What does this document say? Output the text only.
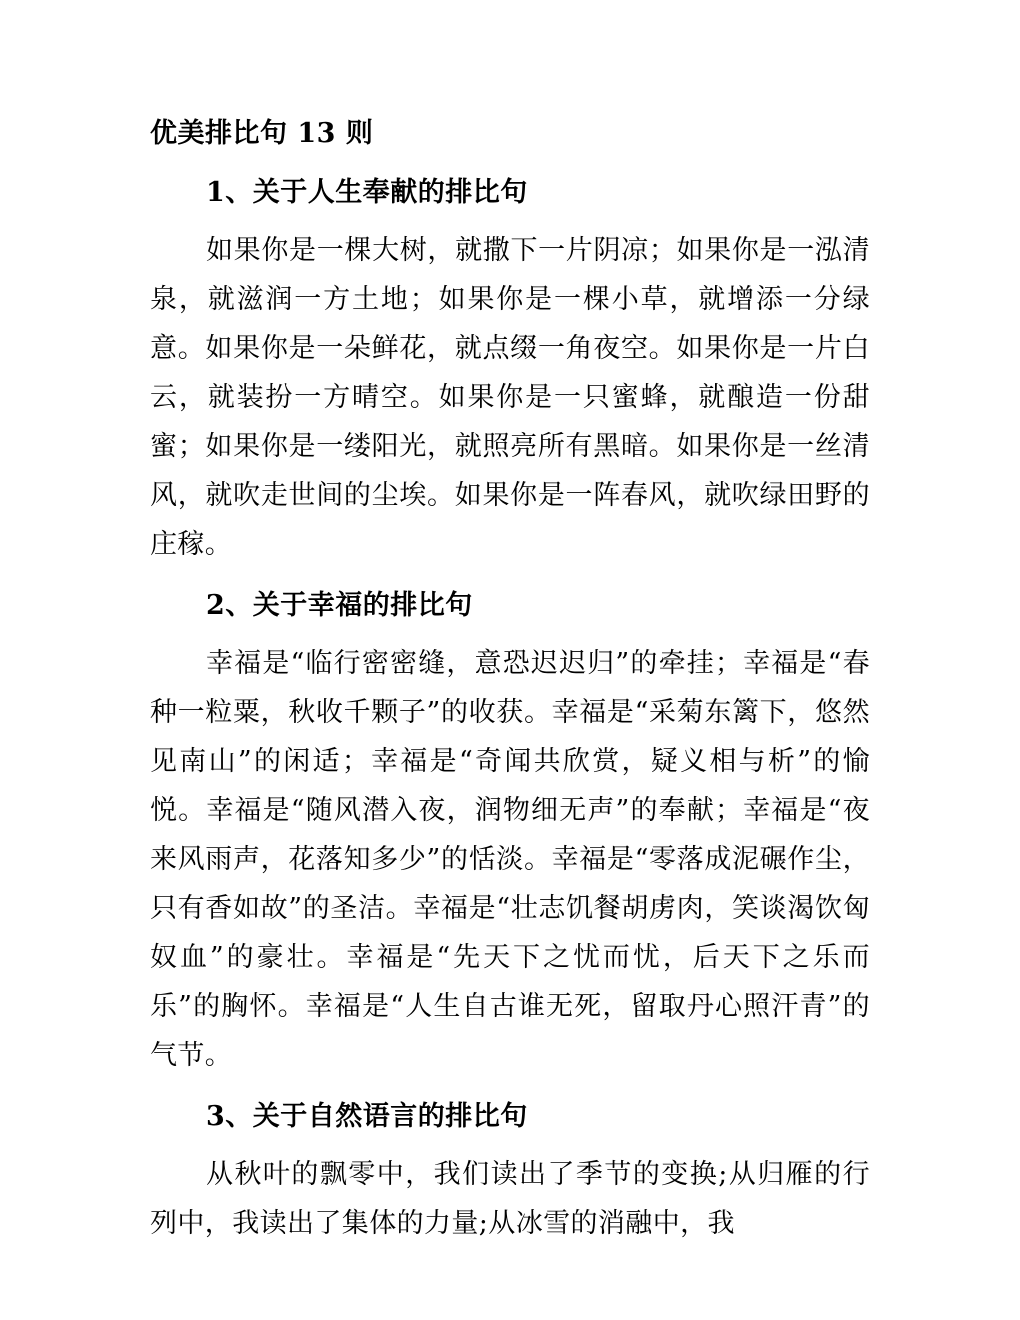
优美排比句 13 则
1、关于人生奉献的排比句

如果你是一棵大树，就撒下一片阴凉；如果你是一泓清泉，就滋润一方土地；如果你是一棵小草，就增添一分绿意。如果你是一朵鲜花，就点缀一角夜空。如果你是一片白云，就装扮一方晴空。如果你是一只蜜蜂，就酿造一份甜蜜；如果你是一缕阳光，就照亮所有黑暗。如果你是一丝清风，就吹走世间的尘埃。如果你是一阵春风，就吹绿田野的庄稼。

2、关于幸福的排比句

幸福是“临行密密缝，意恐迟迟归”的牵挂；幸福是“春种一粒粟，秋收千颗子”的收获。幸福是“采菊东篱下，悠然见南山”的闲适；幸福是“奇闻共欣赏，疑义相与析”的愉悦。幸福是“随风潜入夜，润物细无声”的奉献；幸福是“夜来风雨声，花落知多少”的恬淡。幸福是“零落成泥碾作尘，只有香如故”的圣洁。幸福是“壮志饥餐胡虏肉，笑谈渴饮匈奴血”的豪壮。幸福是“先天下之忧而忧，后天下之乐而乐”的胸怀。幸福是“人生自古谁无死，留取丹心照汗青”的气节。

3、关于自然语言的排比句

从秋叶的飘零中，我们读出了季节的变换;从归雁的行列中，我读出了集体的力量;从冰雪的消融中，我
